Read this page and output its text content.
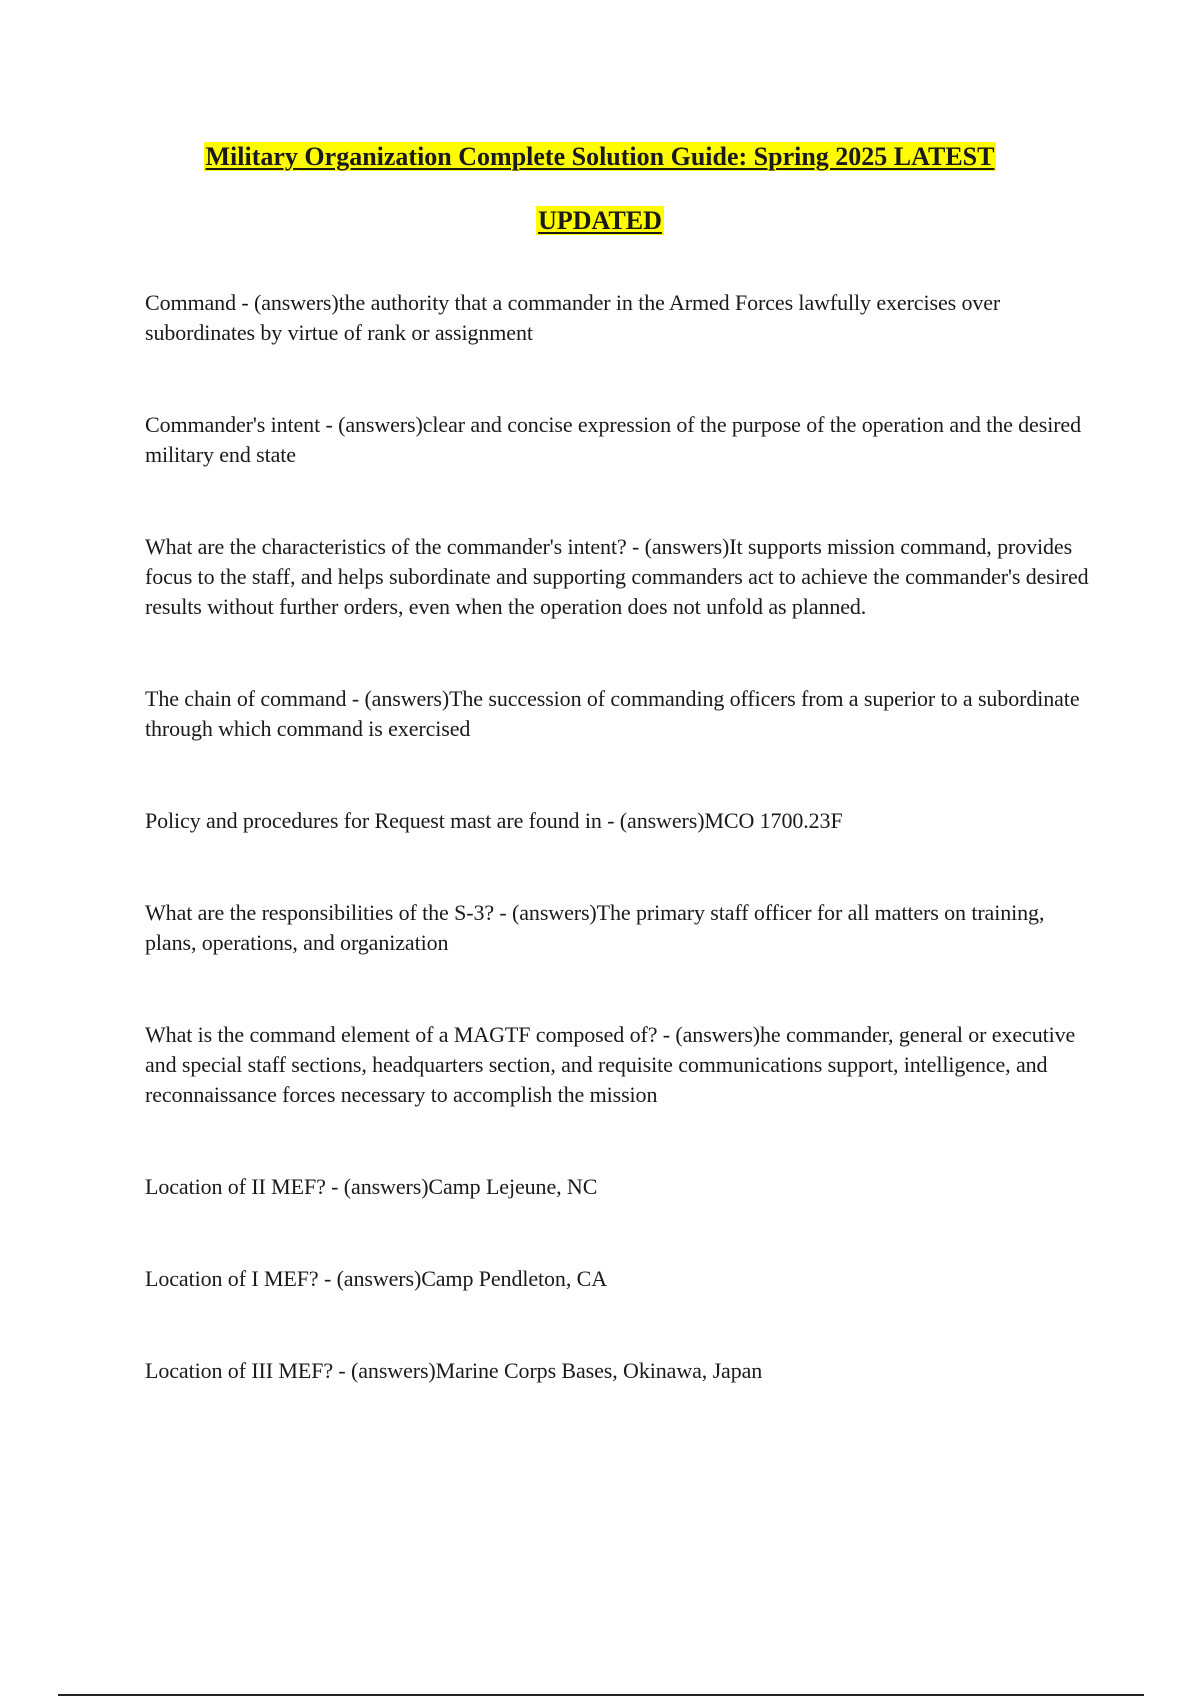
Military Organization Complete Solution Guide: Spring 2025 LATEST
UPDATED

Command - (answers)the authority that a commander in the Armed Forces lawfully exercises over subordinates by virtue of rank or assignment

Commander's intent - (answers)clear and concise expression of the purpose of the operation and the desired military end state

What are the characteristics of the commander's intent? - (answers)It supports mission command, provides focus to the staff, and helps subordinate and supporting commanders act to achieve the commander's desired results without further orders, even when the operation does not unfold as planned.

The chain of command - (answers)The succession of commanding officers from a superior to a subordinate through which command is exercised

Policy and procedures for Request mast are found in - (answers)MCO 1700.23F

What are the responsibilities of the S-3? - (answers)The primary staff officer for all matters on training, plans, operations, and organization

What is the command element of a MAGTF composed of? - (answers)he commander, general or executive and special staff sections, headquarters section, and requisite communications support, intelligence, and reconnaissance forces necessary to accomplish the mission

Location of II MEF? - (answers)Camp Lejeune, NC

Location of I MEF? - (answers)Camp Pendleton, CA

Location of III MEF? - (answers)Marine Corps Bases, Okinawa, Japan
